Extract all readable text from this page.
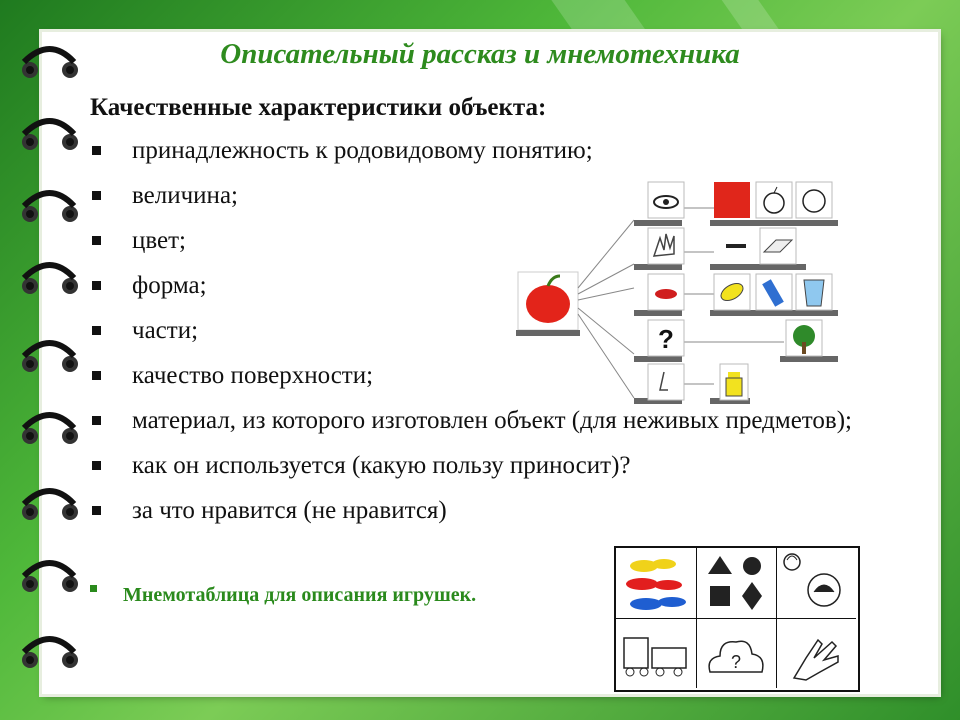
Описательный рассказ и мнемотехника
Качественные характеристики объекта:
принадлежность к родовидовому понятию;
величина;
цвет;
форма;
части;
качество поверхности;
материал, из которого изготовлен объект (для неживых предметов);
как он используется (какую пользу приносит)?
за что нравится (не нравится)
Мнемотаблица для описания игрушек.
?
?
